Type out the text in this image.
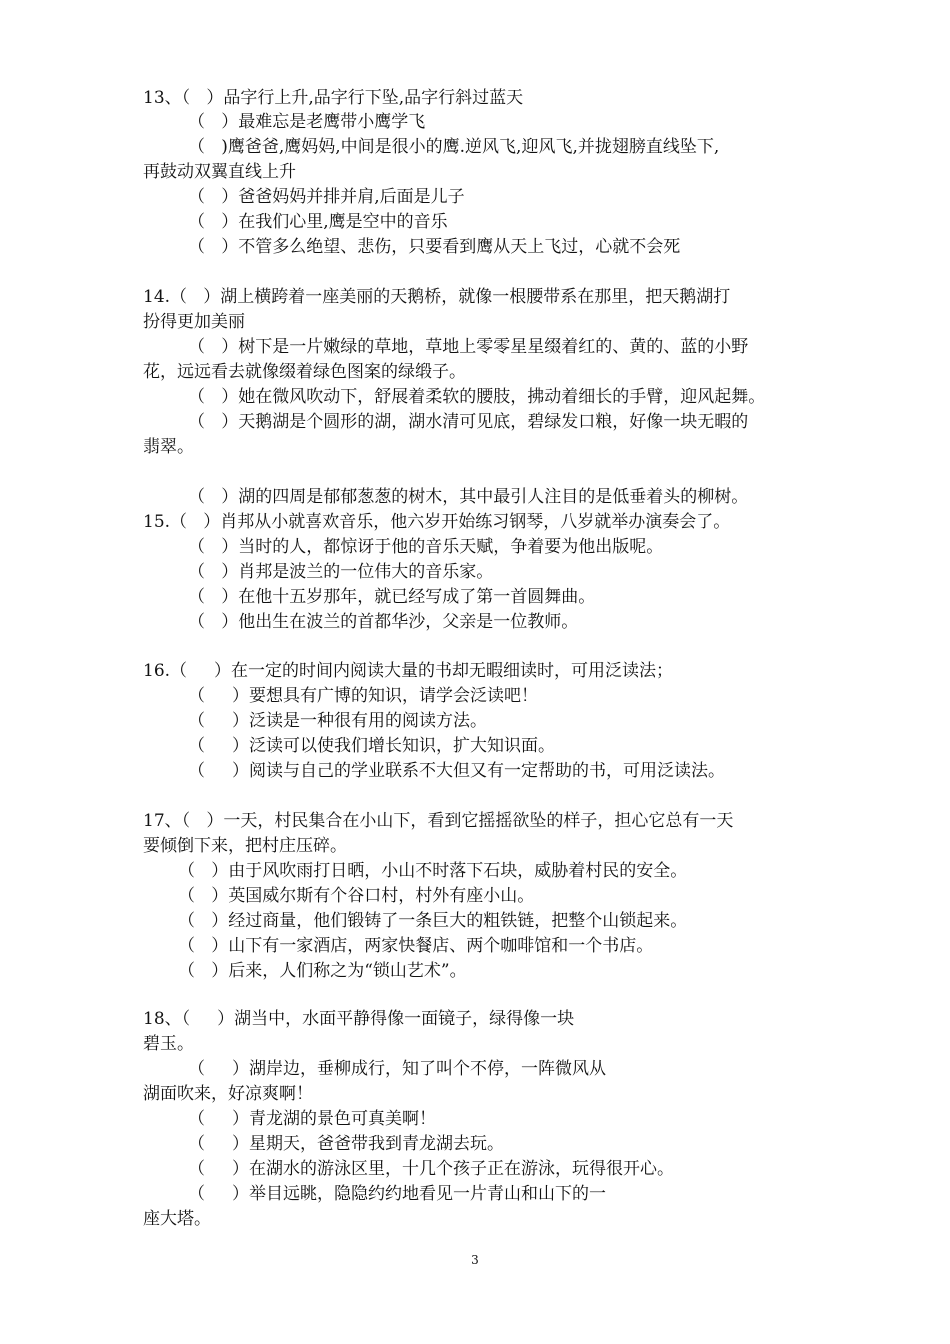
13、（   ）品字行上升,品字行下坠,品字行斜过蓝天
（   ）最难忘是老鹰带小鹰学飞
（   )鹰爸爸,鹰妈妈,中间是很小的鹰.逆风飞,迎风飞,并拢翅膀直线坠下,
再鼓动双翼直线上升
（   ）爸爸妈妈并排并肩,后面是儿子
（   ）在我们心里,鹰是空中的音乐
（   ）不管多么绝望、悲伤，只要看到鹰从天上飞过，心就不会死
14.（   ）湖上横跨着一座美丽的天鹅桥，就像一根腰带系在那里，把天鹅湖打
扮得更加美丽
（   ）树下是一片嫩绿的草地，草地上零零星星缀着红的、黄的、蓝的小野
花，远远看去就像缀着绿色图案的绿缎子。
（   ）她在微风吹动下，舒展着柔软的腰肢，拂动着细长的手臂，迎风起舞。
（   ）天鹅湖是个圆形的湖，湖水清可见底，碧绿发口粮，好像一块无暇的
翡翠。
（   ）湖的四周是郁郁葱葱的树木，其中最引人注目的是低垂着头的柳树。
15.（   ）肖邦从小就喜欢音乐，他六岁开始练习钢琴，八岁就举办演奏会了。
（   ）当时的人，都惊讶于他的音乐天赋，争着要为他出版呢。
（   ）肖邦是波兰的一位伟大的音乐家。
（   ）在他十五岁那年，就已经写成了第一首圆舞曲。
（   ）他出生在波兰的首都华沙，父亲是一位教师。
16.（     ）在一定的时间内阅读大量的书却无暇细读时，可用泛读法；
（     ）要想具有广博的知识，请学会泛读吧！
（     ）泛读是一种很有用的阅读方法。
（     ）泛读可以使我们增长知识，扩大知识面。
（     ）阅读与自己的学业联系不大但又有一定帮助的书，可用泛读法。
17、（   ）一天，村民集合在小山下，看到它摇摇欲坠的样子，担心它总有一天
要倾倒下来，把村庄压碎。
（   ）由于风吹雨打日晒，小山不时落下石块，威胁着村民的安全。
（   ）英国威尔斯有个谷口村，村外有座小山。
（   ）经过商量，他们锻铸了一条巨大的粗铁链，把整个山锁起来。
（   ）山下有一家酒店，两家快餐店、两个咖啡馆和一个书店。
（   ）后来，人们称之为“锁山艺术”。
18、（     ）湖当中，水面平静得像一面镜子，绿得像一块
碧玉。
（     ）湖岸边，垂柳成行，知了叫个不停，一阵微风从
湖面吹来，好凉爽啊！
（     ）青龙湖的景色可真美啊！
（     ）星期天，爸爸带我到青龙湖去玩。
（     ）在湖水的游泳区里，十几个孩子正在游泳，玩得很开心。
（     ）举目远眺，隐隐约约地看见一片青山和山下的一
座大塔。
3
